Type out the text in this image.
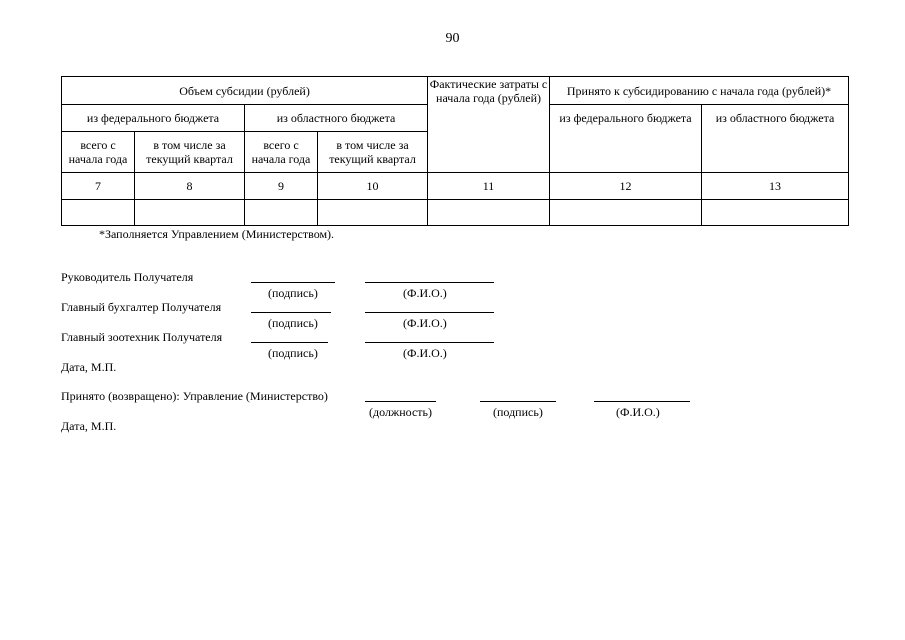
90
Объем субсидии (рублей)				Фактические затраты с начала года (рублей)	Принято к субсидированию с начала года (рублей)*	
из федерального бюджета		из областного бюджета			из федерального бюджета	из областного бюджета
всего с начала года	в том числе за текущий квартал	всего с начала года	в том числе за текущий квартал			
7	8	9	10	11	12	13

*Заполняется Управлением (Министерством).
Руководитель Получателя
(подпись)	(Ф.И.О.)
Главный бухгалтер Получателя
(подпись)	(Ф.И.О.)
Главный зоотехник Получателя
(подпись)	(Ф.И.О.)
Дата, М.П.
Принято (возвращено): Управление (Министерство)
(должность)	(подпись)	(Ф.И.О.)
Дата, М.П.
